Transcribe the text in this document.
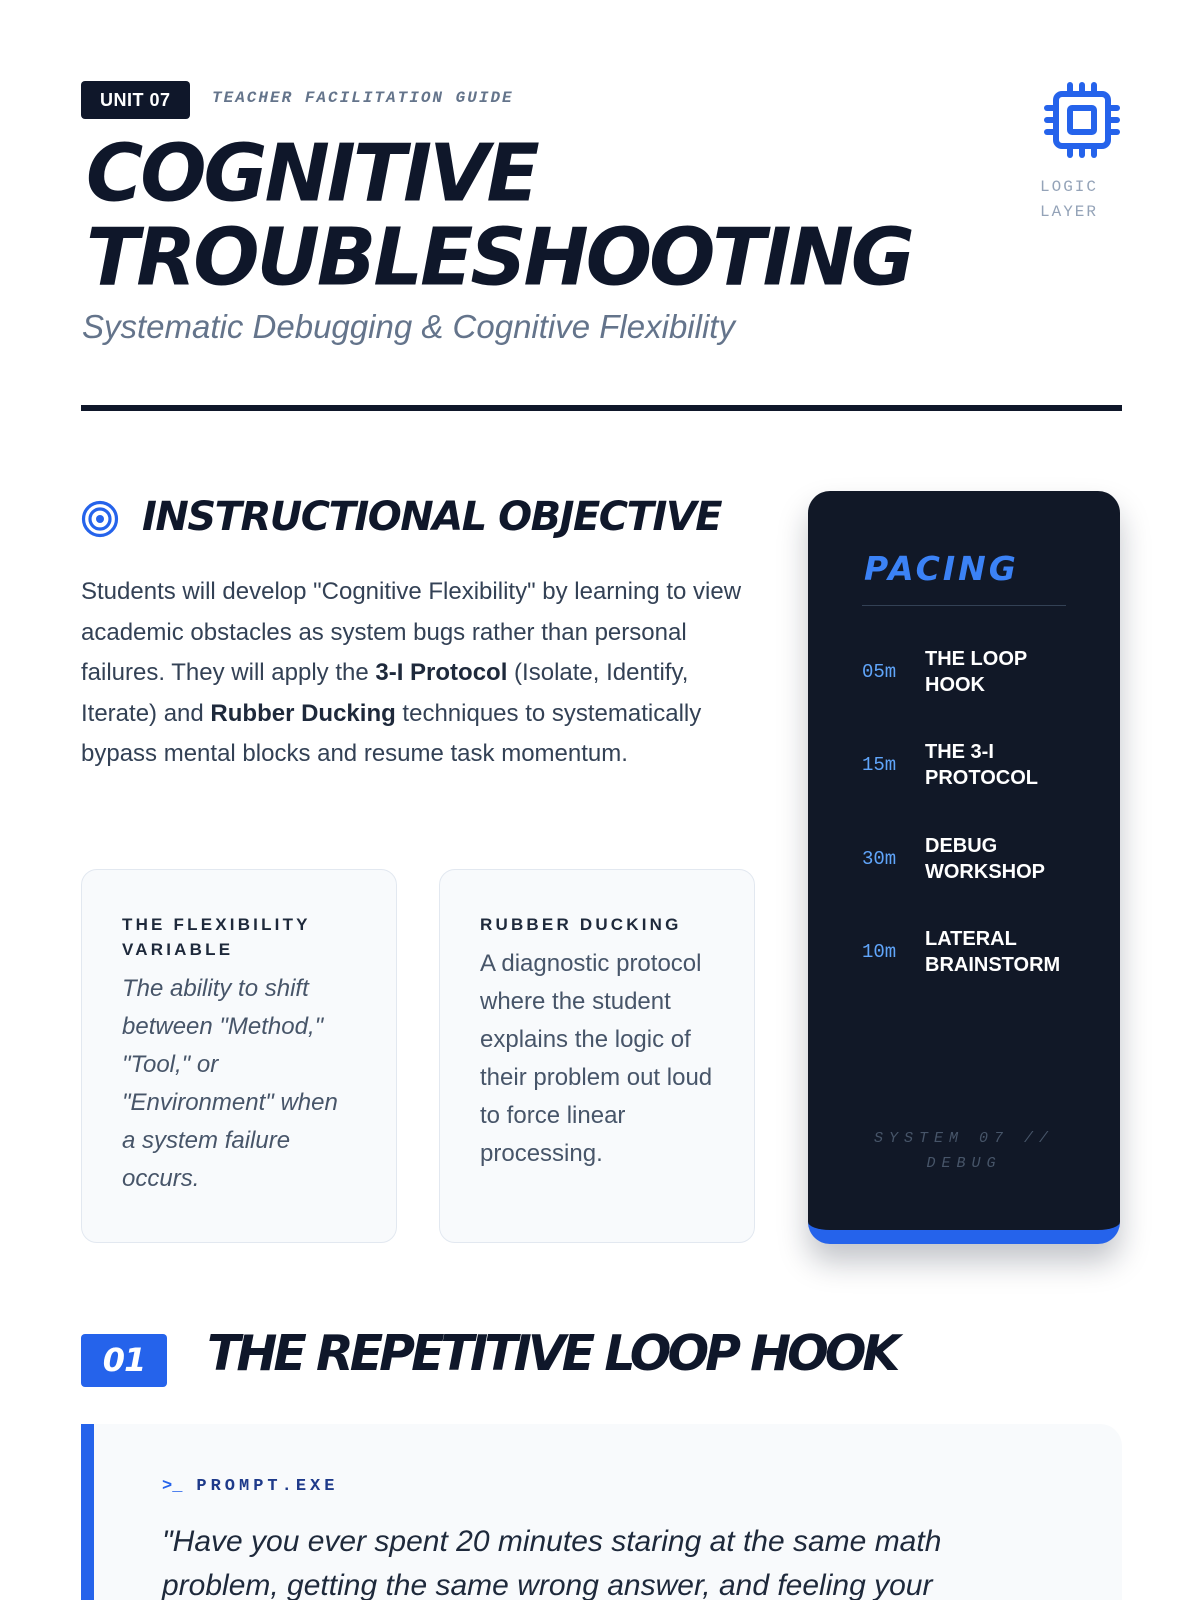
UNIT 07	TEACHER FACILITATION GUIDE
COGNITIVE
TROUBLESHOOTING
Systematic Debugging & Cognitive Flexibility
LOGIC
LAYER
INSTRUCTIONAL OBJECTIVE

Students will develop "Cognitive Flexibility" by learning to view academic obstacles as system bugs rather than personal failures. They will apply the 3-I Protocol (Isolate, Identify, Iterate) and Rubber Ducking techniques to systematically bypass mental blocks and resume task momentum.

THE FLEXIBILITY VARIABLE
The ability to shift between "Method," "Tool," or "Environment" when a system failure occurs.
RUBBER DUCKING
A diagnostic protocol where the student explains the logic of their problem out loud to force linear processing.
PACING
05m
THE LOOP HOOK
15m
THE 3-I PROTOCOL
30m
DEBUG WORKSHOP
10m
LATERAL BRAINSTORM
SYSTEM 07 // DEBUG
01	THE REPETITIVE LOOP HOOK
>_ PROMPT.EXE
"Have you ever spent 20 minutes staring at the same math problem, getting the same wrong answer, and feeling your
